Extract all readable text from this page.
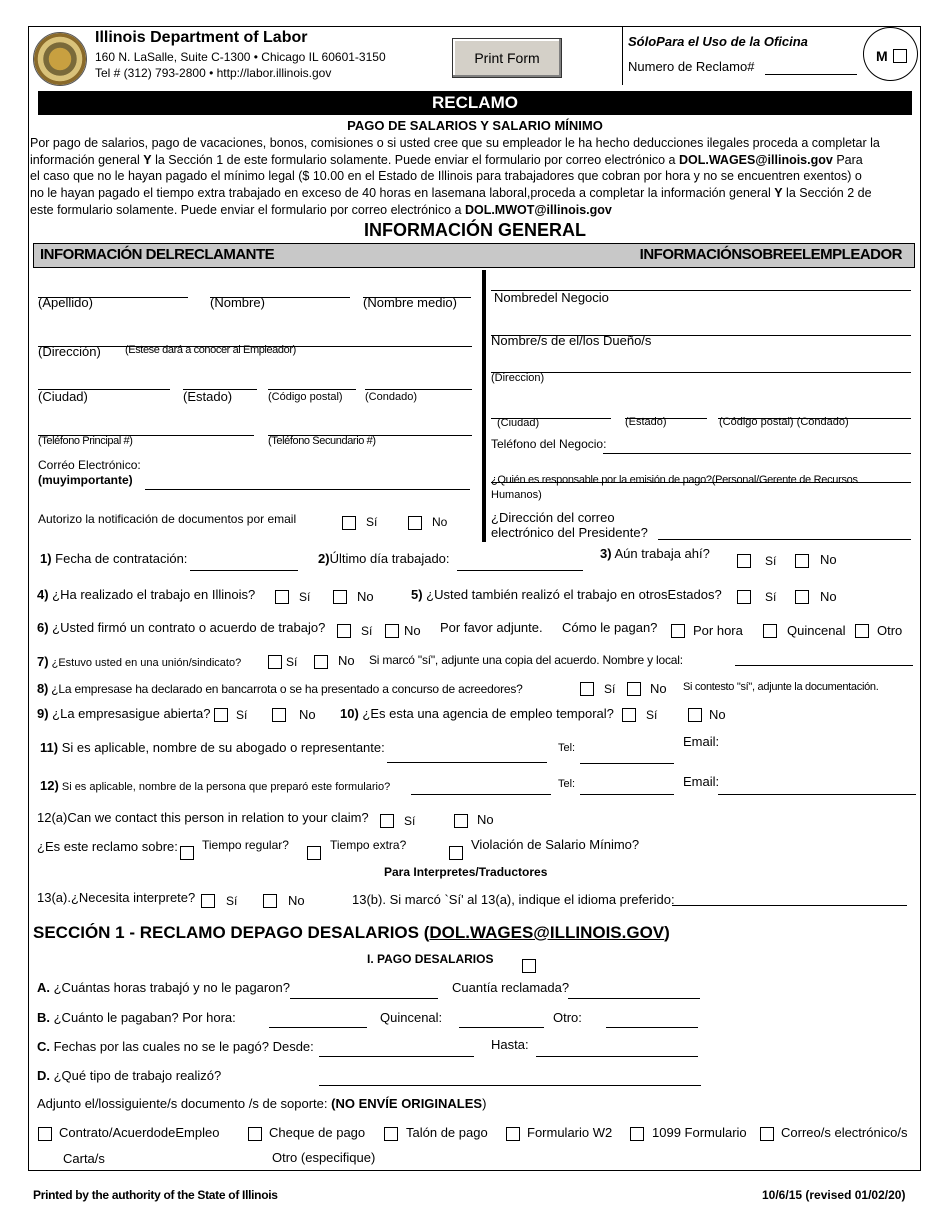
Illinois Department of Labor
160 N. LaSalle, Suite C-1300 • Chicago IL 60601-3150
Tel # (312) 793-2800 • http://labor.illinois.gov
Print Form
SóloPara el Uso de la Oficina
Numero de Reclamo#
M
RECLAMO
PAGO DE SALARIOS Y SALARIO MÍNIMO
Por pago de salarios, pago de vacaciones, bonos, comisiones o si usted cree que su empleador le ha hecho deducciones ilegales proceda a completar la
información general Y la Sección 1 de este formulario solamente. Puede enviar el formulario por correo electrónico a DOL.WAGES@illinois.gov Para
el caso que no le hayan pagado el mínimo legal ($ 10.00 en el Estado de Illinois para trabajadores que cobran por hora y no se encuentren exentos) o
no le hayan pagado el tiempo extra trabajado en exceso de 40 horas en lasemana laboral,proceda a completar la información general Y la Sección 2 de
este formulario solamente. Puede enviar el formulario por correo electrónico a DOL.MWOT@illinois.gov
INFORMACIÓN GENERAL
INFORMACIÓN DELRECLAMANTE	INFORMACIÓNSOBREELEMPLEADOR
(Apellido)	(Nombre)	(Nombre medio)
(Dirección) (Estese dará a conocer al Empleador)
(Ciudad)	(Estado)	(Código postal) (Condado)
(Teléfono Principal #)	(Teléfono Secundario #)
Corréo Electrónico:
(muyimportante)
Autorizo la notificación de documentos por email	Sí	No
Nombredel Negocio
Nombre/s de el/los Dueño/s
(Direccion)
(Ciudad)	(Estado)	(Código postal) (Condado)
Teléfono del Negocio:
¿Quién es responsable por la emisión de pago?(Personal/Gerente de Recursos
Humanos)
¿Dirección del correo
electrónico del Presidente?
1) Fecha de contratación:	2)Último día trabajado:	3) Aún trabaja ahí?	Sí	No
4) ¿Ha realizado el trabajo en Illinois?	Sí	No	5) ¿Usted también realizó el trabajo en otrosEstados?	Sí	No
6) ¿Usted firmó un contrato o acuerdo de trabajo?	Sí No Por favor adjunte. Cómo le pagan?	Por hora	Quincenal Otro
7) ¿Estuvo usted en una unión/sindicato?	Sí	No Si marcó "sí", adjunte una copia del acuerdo. Nombre y local:
8) ¿La empresase ha declarado en bancarrota o se ha presentado a concurso de acreedores?	Sí	No Si contesto "sí", adjunte la documentación.
9) ¿La empresasigue abierta? Sí	No 10) ¿Es esta una agencia de empleo temporal?	Sí	No
11) Si es aplicable, nombre de su abogado o representante:	Tel:	Email:
12) Si es aplicable, nombre de la persona que preparó este formulario?	Tel:	Email:
12(a)Can we contact this person in relation to your claim?	Sí	No
¿Es este reclamo sobre: Tiempo regular?	Tiempo extra?	Violación de Salario Mínimo?
Para Interpretes/Traductores
13(a).¿Necesita interprete?	Sí	No	13(b). Si marcó `Sí' al 13(a), indique el idioma preferido:
SECCIÓN 1 - RECLAMO DEPAGO DESALARIOS (DOL.WAGES@ILLINOIS.GOV)
I. PAGO DESALARIOS
A. ¿Cuántas horas trabajó y no le pagaron?	Cuantía reclamada?
B. ¿Cuánto le pagaban? Por hora:	Quincenal:	Otro:
C. Fechas por las cuales no se le pagó? Desde:	Hasta:
D. ¿Qué tipo de trabajo realizó?
Adjunto el/lossiguiente/s documento /s de soporte: (NO ENVÍE ORIGINALES)
Contrato/AcuerdodeEmpleo	Cheque de pago	Talón de pago	Formulario W2	1099 Formulario	Correo/s electrónico/s
Carta/s	Otro (especifique)
Printed by the authority of the State of Illinois	10/6/15 (revised 01/02/20)
